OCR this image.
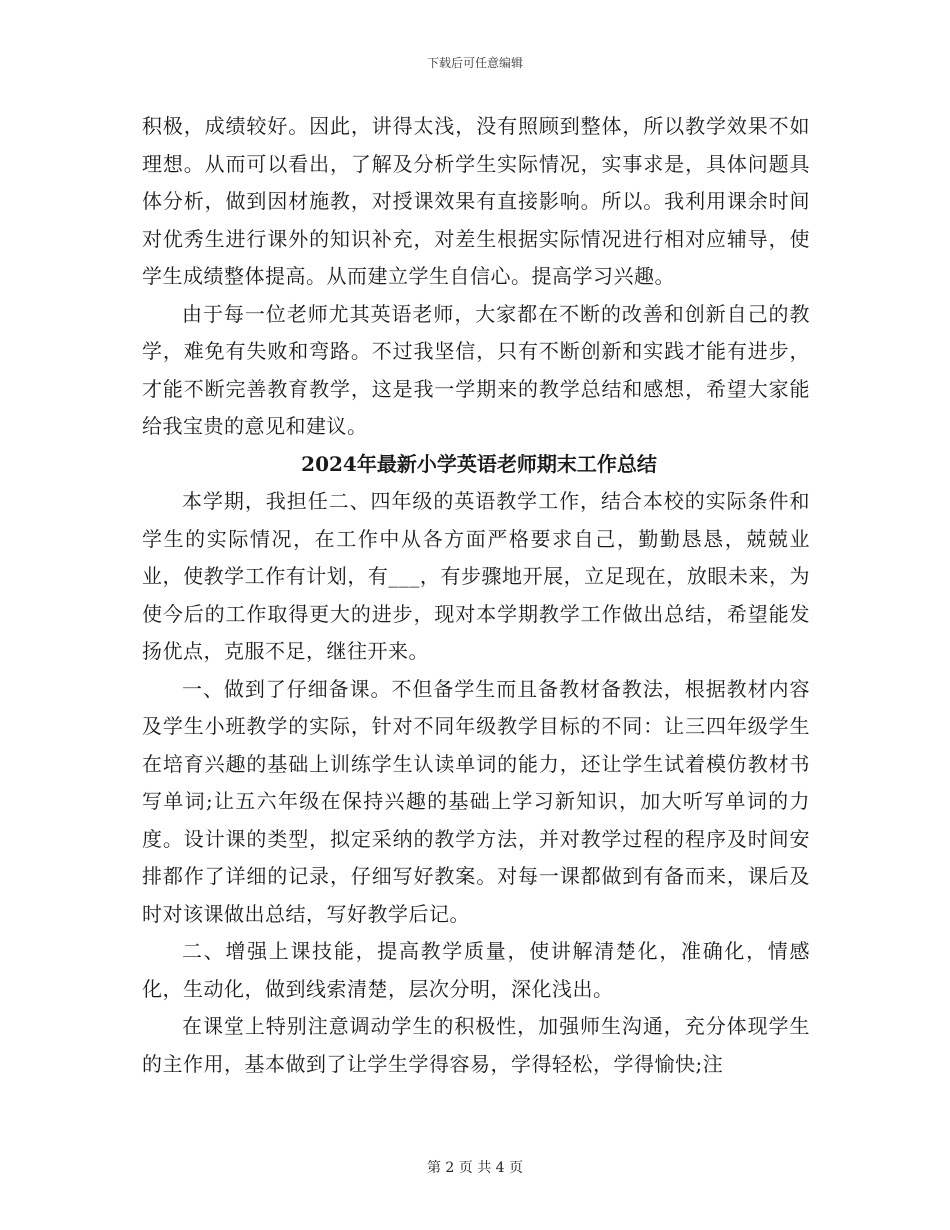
下载后可任意编辑

积极，成绩较好。因此，讲得太浅，没有照顾到整体，所以教学效果不如理想。从而可以看出，了解及分析学生实际情况，实事求是，具体问题具体分析，做到因材施教，对授课效果有直接影响。所以。我利用课余时间对优秀生进行课外的知识补充，对差生根据实际情况进行相对应辅导，使学生成绩整体提高。从而建立学生自信心。提高学习兴趣。

由于每一位老师尤其英语老师，大家都在不断的改善和创新自己的教学，难免有失败和弯路。不过我坚信，只有不断创新和实践才能有进步，才能不断完善教育教学，这是我一学期来的教学总结和感想，希望大家能给我宝贵的意见和建议。

2024年最新小学英语老师期末工作总结

本学期，我担任二、四年级的英语教学工作，结合本校的实际条件和学生的实际情况，在工作中从各方面严格要求自己，勤勤恳恳，兢兢业业，使教学工作有计划，有___，有步骤地开展，立足现在，放眼未来，为使今后的工作取得更大的进步，现对本学期教学工作做出总结，希望能发扬优点，克服不足，继往开来。

一、做到了仔细备课。不但备学生而且备教材备教法，根据教材内容及学生小班教学的实际，针对不同年级教学目标的不同：让三四年级学生在培育兴趣的基础上训练学生认读单词的能力，还让学生试着模仿教材书写单词;让五六年级在保持兴趣的基础上学习新知识，加大听写单词的力度。设计课的类型，拟定采纳的教学方法，并对教学过程的程序及时间安排都作了详细的记录，仔细写好教案。对每一课都做到有备而来，课后及时对该课做出总结，写好教学后记。

二、增强上课技能，提高教学质量，使讲解清楚化，准确化，情感化，生动化，做到线索清楚，层次分明，深化浅出。

在课堂上特别注意调动学生的积极性，加强师生沟通，充分体现学生的主作用，基本做到了让学生学得容易，学得轻松，学得愉快;注

第 2 页 共 4 页
